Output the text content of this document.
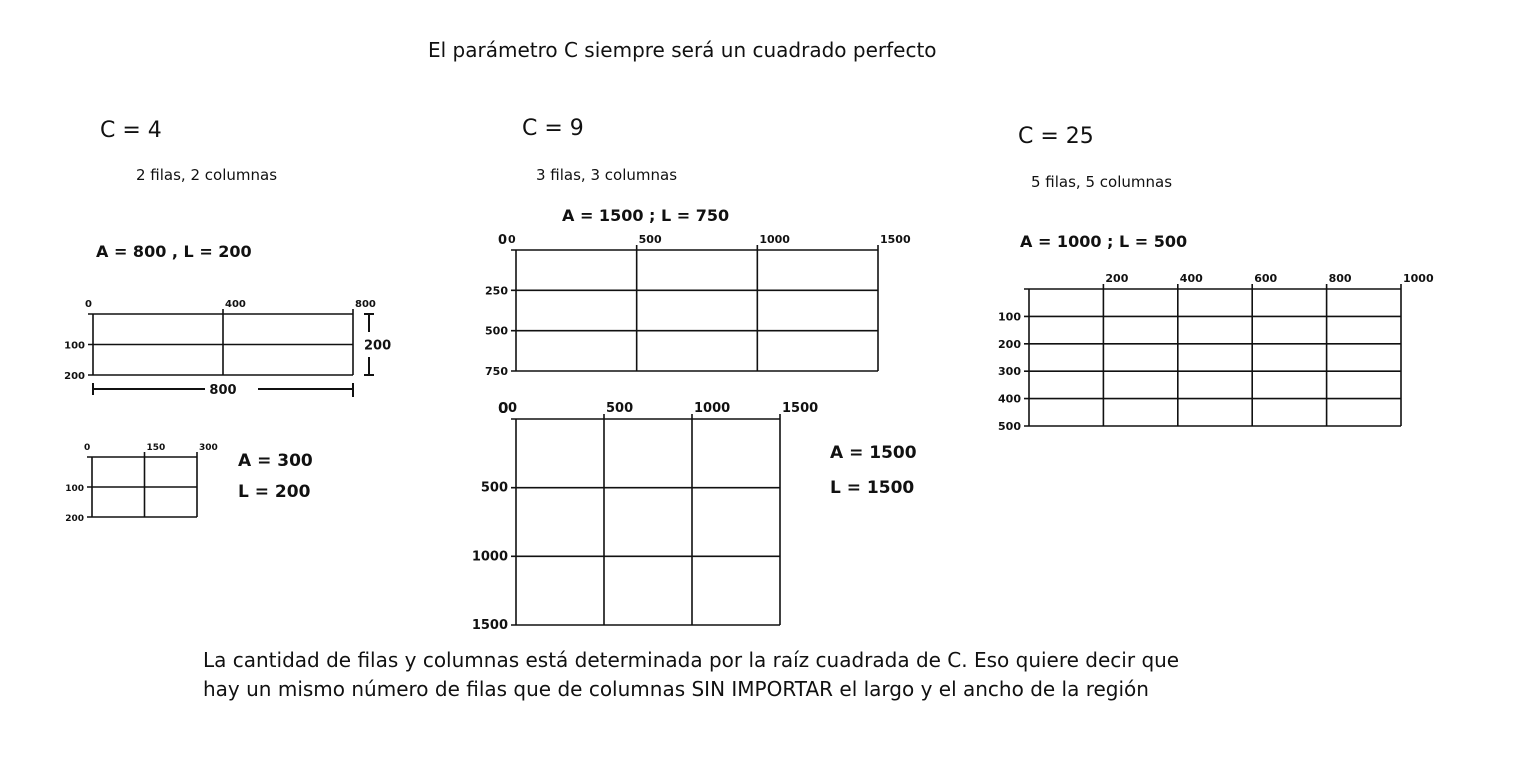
El parámetro C siempre será un cuadrado perfecto
C = 4
2 filas, 2 columnas
A = 800 , L = 200
C = 9
3 filas, 3 columnas
A = 1500 ; L = 750
C = 25
5 filas, 5 columnas
A = 1000 ; L = 500
A = 300
L = 200
A = 1500
L = 1500
0	400	800
100
200
800
200
0	150	300
100
200
0	500	1000	1500
0
250
500
750
0	500	1000	1500
0
500
1000
1500
200	400	600	800	1000
100
200
300
400
500
La cantidad de filas y columnas está determinada por la raíz cuadrada de C. Eso quiere decir que
hay un mismo número de filas que de columnas SIN IMPORTAR el largo y el ancho de la región
